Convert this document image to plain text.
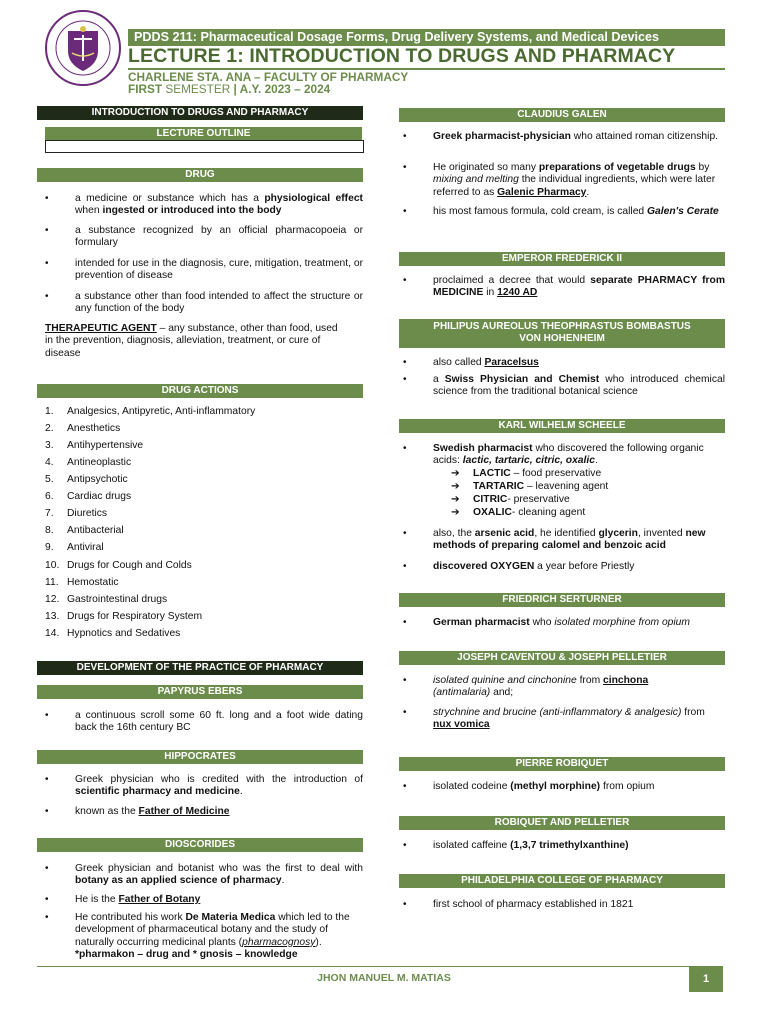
PDDS 211: Pharmaceutical Dosage Forms, Drug Delivery Systems, and Medical Devices
LECTURE 1: INTRODUCTION TO DRUGS AND PHARMACY
CHARLENE STA. ANA – FACULTY OF PHARMACY
FIRST SEMESTER | A.Y. 2023 – 2024
INTRODUCTION TO DRUGS AND PHARMACY
LECTURE OUTLINE
DRUG
•	a medicine or substance which has a physiological effect when ingested or introduced into the body
•	a substance recognized by an official pharmacopoeia or formulary
•	intended for use in the diagnosis, cure, mitigation, treatment, or prevention of disease
•	a substance other than food intended to affect the structure or any function of the body
THERAPEUTIC AGENT – any substance, other than food, used in the prevention, diagnosis, alleviation, treatment, or cure of disease
DRUG ACTIONS
1. Analgesics, Antipyretic, Anti-inflammatory
2. Anesthetics
3. Antihypertensive
4. Antineoplastic
5. Antipsychotic
6. Cardiac drugs
7. Diuretics
8. Antibacterial
9. Antiviral
10. Drugs for Cough and Colds
11. Hemostatic
12. Gastrointestinal drugs
13. Drugs for Respiratory System
14. Hypnotics and Sedatives
DEVELOPMENT OF THE PRACTICE OF PHARMACY
PAPYRUS EBERS
•	a continuous scroll some 60 ft. long and a foot wide dating back the 16th century BC
HIPPOCRATES
•	Greek physician who is credited with the introduction of scientific pharmacy and medicine.
•	known as the Father of Medicine
DIOSCORIDES
•	Greek physician and botanist who was the first to deal with botany as an applied science of pharmacy.
•	He is the Father of Botany
•	He contributed his work De Materia Medica which led to the development of pharmaceutical botany and the study of naturally occurring medicinal plants (pharmacognosy).
*pharmakon – drug and * gnosis – knowledge
CLAUDIUS GALEN
•	Greek pharmacist-physician who attained roman citizenship.
•	He originated so many preparations of vegetable drugs by mixing and melting the individual ingredients, which were later referred to as Galenic Pharmacy.
•	his most famous formula, cold cream, is called Galen's Cerate
EMPEROR FREDERICK II
•	proclaimed a decree that would separate PHARMACY from MEDICINE in 1240 AD
PHILIPUS AUREOLUS THEOPHRASTUS BOMBASTUS
VON HOHENHEIM
•	also called Paracelsus
•	a Swiss Physician and Chemist who introduced chemical science from the traditional botanical science
KARL WILHELM SCHEELE
•	Swedish pharmacist who discovered the following organic acids: lactic, tartaric, citric, oxalic.
➔ LACTIC – food preservative
➔ TARTARIC – leavening agent
➔ CITRIC- preservative
➔ OXALIC- cleaning agent
•	also, the arsenic acid, he identified glycerin, invented new methods of preparing calomel and benzoic acid
•	discovered OXYGEN a year before Priestly
FRIEDRICH SERTURNER
•	German pharmacist who isolated morphine from opium
JOSEPH CAVENTOU & JOSEPH PELLETIER
•	isolated quinine and cinchonine from cinchona
(antimalaria) and;
•	strychnine and brucine (anti-inflammatory & analgesic) from nux vomica
PIERRE ROBIQUET
•	isolated codeine (methyl morphine) from opium
ROBIQUET AND PELLETIER
•	isolated caffeine (1,3,7 trimethylxanthine)
PHILADELPHIA COLLEGE OF PHARMACY
•	first school of pharmacy established in 1821
JHON MANUEL M. MATIAS	1
